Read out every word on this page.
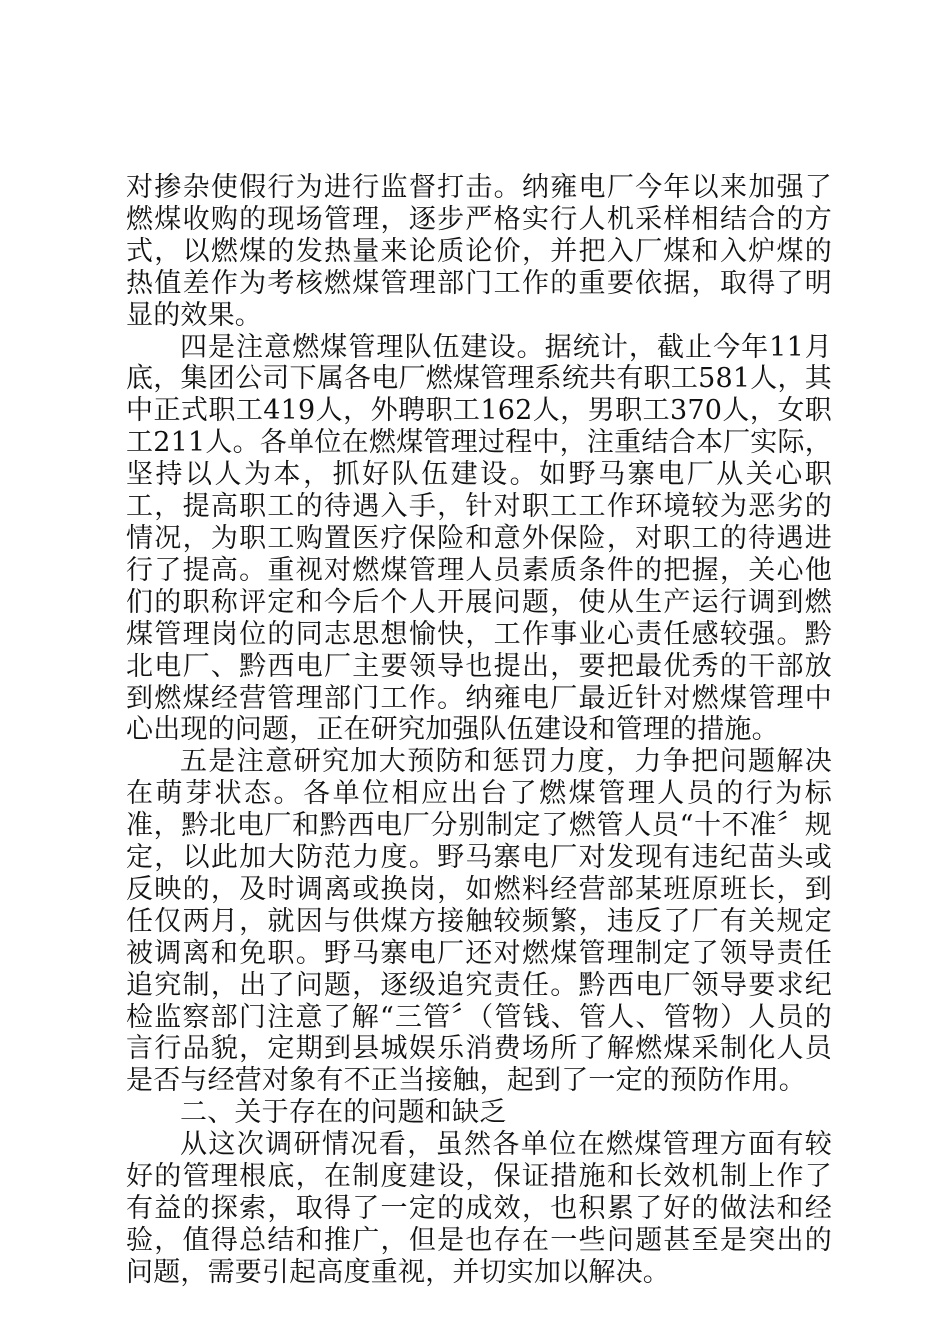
对掺杂使假行为进行监督打击。纳雍电厂今年以来加强了燃煤收购的现场管理，逐步严格实行人机采样相结合的方式，以燃煤的发热量来论质论价，并把入厂煤和入炉煤的热值差作为考核燃煤管理部门工作的重要依据，取得了明显的效果。

四是注意燃煤管理队伍建设。据统计，截止今年11月底，集团公司下属各电厂燃煤管理系统共有职工581人，其中正式职工419人，外聘职工162人，男职工370人，女职工211人。各单位在燃煤管理过程中，注重结合本厂实际，坚持以人为本，抓好队伍建设。如野马寨电厂从关心职工，提高职工的待遇入手，针对职工工作环境较为恶劣的情况，为职工购置医疗保险和意外保险，对职工的待遇进行了提高。重视对燃煤管理人员素质条件的把握，关心他们的职称评定和今后个人开展问题，使从生产运行调到燃煤管理岗位的同志思想愉快，工作事业心责任感较强。黔北电厂、黔西电厂主要领导也提出，要把最优秀的干部放到燃煤经营管理部门工作。纳雍电厂最近针对燃煤管理中心出现的问题，正在研究加强队伍建设和管理的措施。

五是注意研究加大预防和惩罚力度，力争把问题解决在萌芽状态。各单位相应出台了燃煤管理人员的行为标准，黔北电厂和黔西电厂分别制定了燃管人员“十不准〞规定，以此加大防范力度。野马寨电厂对发现有违纪苗头或反映的，及时调离或换岗，如燃料经营部某班原班长，到任仅两月，就因与供煤方接触较频繁，违反了厂有关规定被调离和免职。野马寨电厂还对燃煤管理制定了领导责任追究制，出了问题，逐级追究责任。黔西电厂领导要求纪检监察部门注意了解“三管〞（管钱、管人、管物）人员的言行品貌，定期到县城娱乐消费场所了解燃煤采制化人员是否与经营对象有不正当接触，起到了一定的预防作用。

二、关于存在的问题和缺乏

从这次调研情况看，虽然各单位在燃煤管理方面有较好的管理根底，在制度建设，保证措施和长效机制上作了有益的探索，取得了一定的成效，也积累了好的做法和经验，值得总结和推广，但是也存在一些问题甚至是突出的问题，需要引起高度重视，并切实加以解决。
